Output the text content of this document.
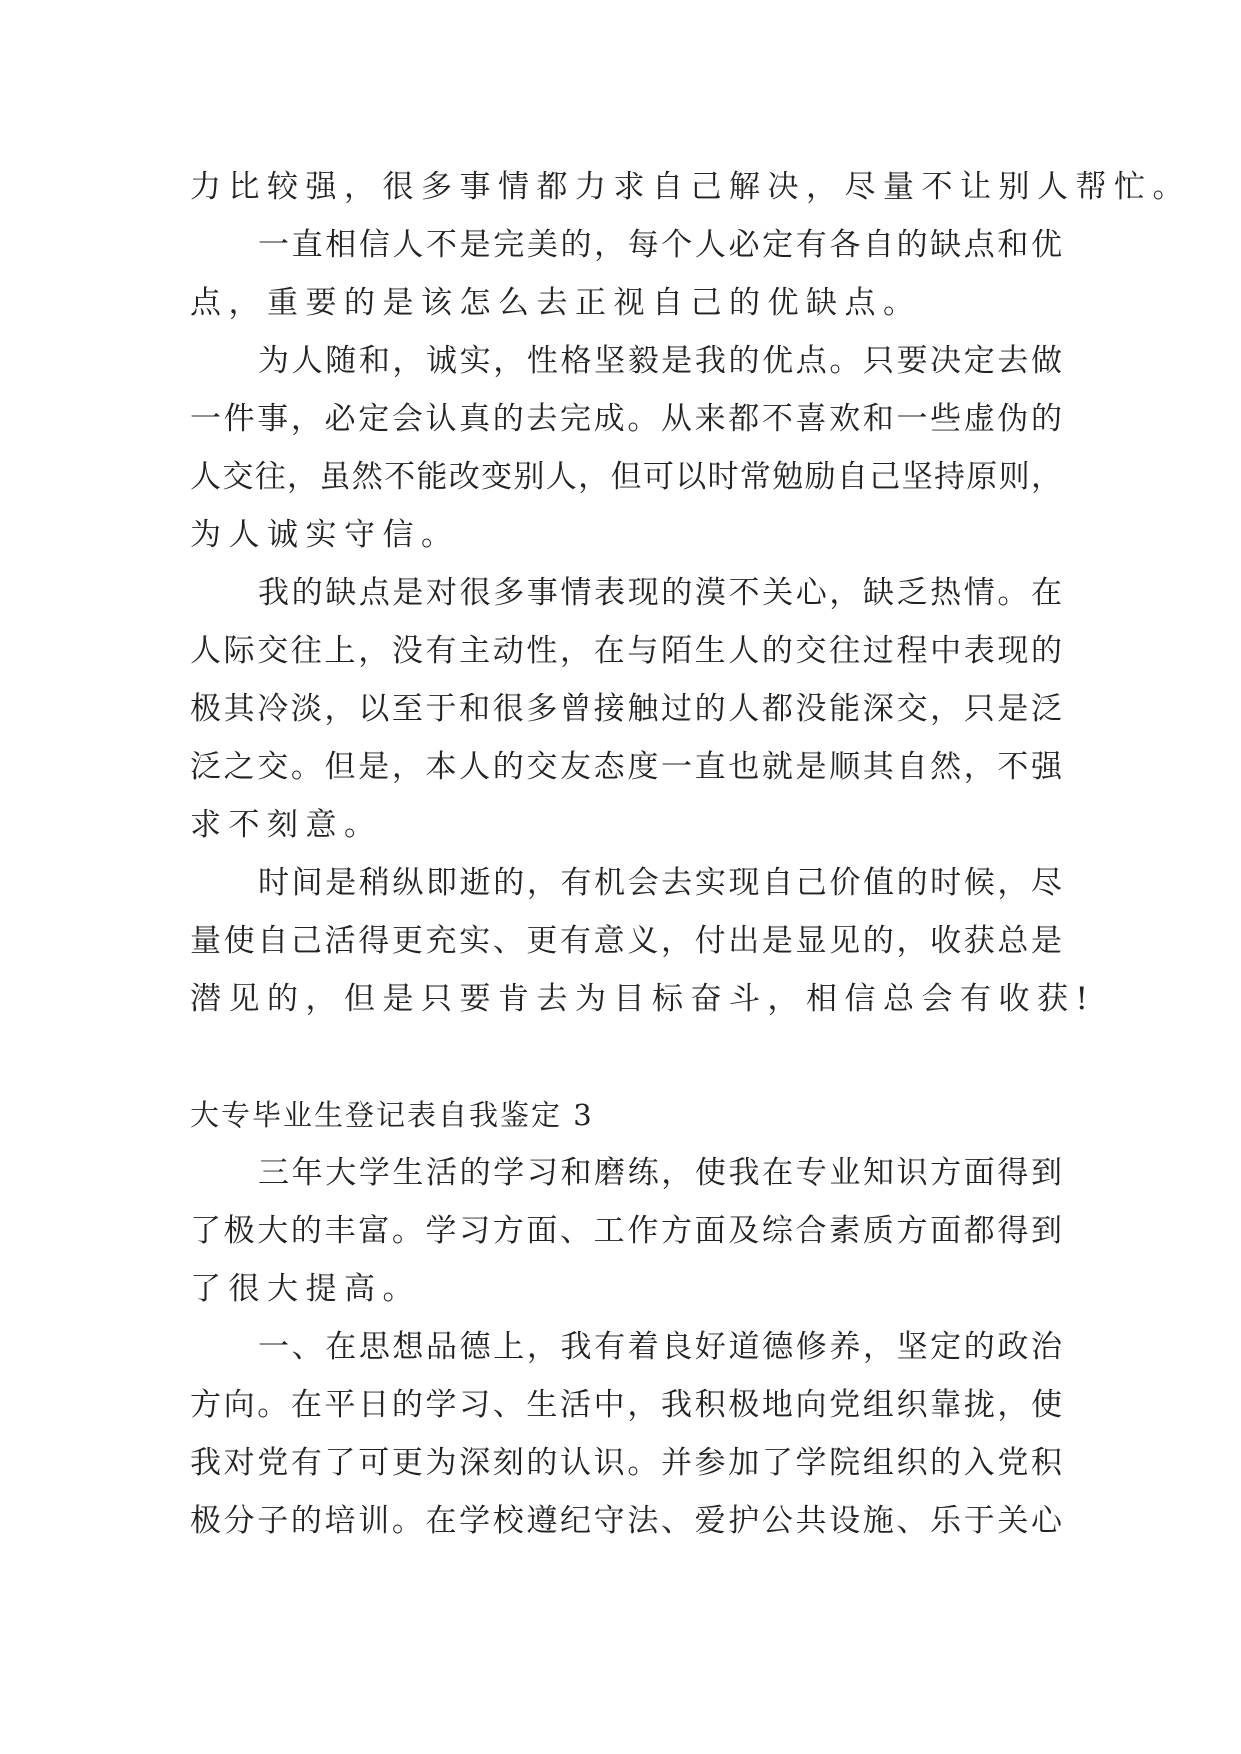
力比较强，很多事情都力求自己解决，尽量不让别人帮忙。
一直相信人不是完美的，每个人必定有各自的缺点和优
点，重要的是该怎么去正视自己的优缺点。
为人随和，诚实，性格坚毅是我的优点。只要决定去做
一件事，必定会认真的去完成。从来都不喜欢和一些虚伪的
人交往，虽然不能改变别人，但可以时常勉励自己坚持原则，
为人诚实守信。
我的缺点是对很多事情表现的漠不关心，缺乏热情。在
人际交往上，没有主动性，在与陌生人的交往过程中表现的
极其冷淡，以至于和很多曾接触过的人都没能深交，只是泛
泛之交。但是，本人的交友态度一直也就是顺其自然，不强
求不刻意。
时间是稍纵即逝的，有机会去实现自己价值的时候，尽
量使自己活得更充实、更有意义，付出是显见的，收获总是
潜见的，但是只要肯去为目标奋斗，相信总会有收获!
大专毕业生登记表自我鉴定 3
三年大学生活的学习和磨练，使我在专业知识方面得到
了极大的丰富。学习方面、工作方面及综合素质方面都得到
了很大提高。
一、在思想品德上，我有着良好道德修养，坚定的政治
方向。在平日的学习、生活中，我积极地向党组织靠拢，使
我对党有了可更为深刻的认识。并参加了学院组织的入党积
极分子的培训。在学校遵纪守法、爱护公共设施、乐于关心
